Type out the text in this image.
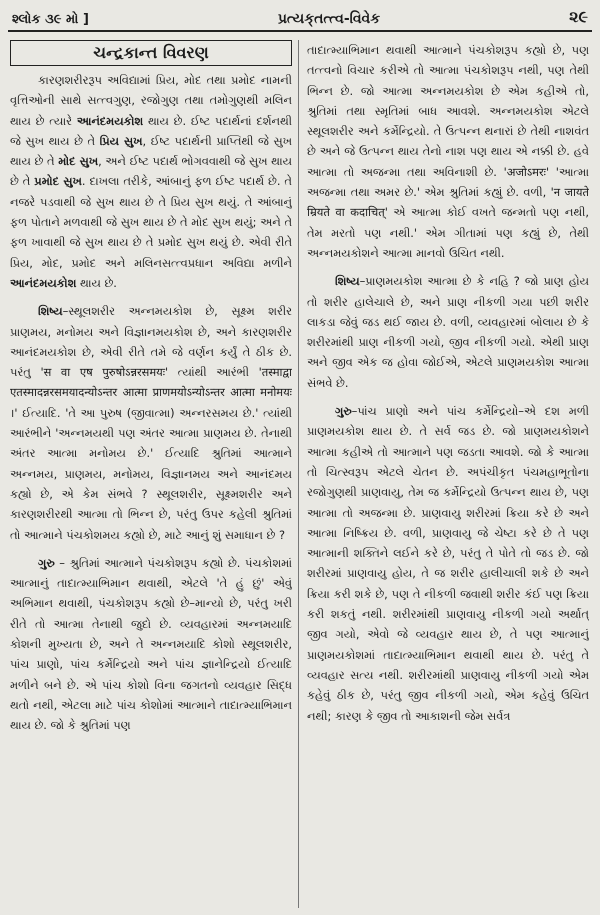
શ્લોક ૩૯ મો ]	પ્રત્યક્‌તત્ત્વ-વિવેક	૨૯
ચન્દ્રકાન્ત વિવરણ

કારણશરીરરૂપ અવિદ્યામાં પ્રિય, મોદ તથા પ્રમોદ નામની વૃત્તિઓની સાથે સત્ત્વગુણ, રજોગુણ તથા તમોગુણથી મલિન થાય છે ત્યારે આનંદમયકોશ થાય છે. ઈષ્ટ પદાર્થનાં દર્શનથી જે સુખ થાય છે તે પ્રિય સુખ, ઈષ્ટ પદાર્થની પ્રાપ્તિથી જે સુખ થાય છે તે મોદ સુખ, અને ઈષ્ટ પદાર્થ ભોગવવાથી જે સુખ થાય છે તે પ્રમોદ સુખ. દાખલા તરીકે, આંબાનું ફળ ઈષ્ટ પદાર્થ છે. તે નજરે પડવાથી જે સુખ થાય છે તે પ્રિય સુખ થયું. તે આંબાનું ફળ પોતાને મળવાથી જે સુખ થાય છે તે મોદ સુખ થયું; અને તે ફળ ખાવાથી જે સુખ થાય છે તે પ્રમોદ સુખ થયું છે. એવી રીતે પ્રિય, મોદ, પ્રમોદ અને મલિનસત્ત્વપ્રધાન અવિદ્યા મળીને આનંદમયકોશ થાય છે.

શિષ્ય–સ્થૂલશરીર અન્નમયકોશ છે, સૂક્ષ્મ શરીર પ્રાણમય, મનોમય અને વિજ્ઞાનમયકોશ છે, અને કારણશરીર આનંદમયકોશ છે, એવી રીતે તમે જે વર્ણન કર્યું તે ઠીક છે. પરંતુ 'स वा एष पुरुषोऽन्नरसमयः' ત્યાંથી આરંભી 'तस्माद्वा एतस्मादन्नरसमयादन्योऽन्तर आत्मा प्राणमयोऽन्योऽन्तर आत्मा मनोमयः ।' ઈત્યાદિ. 'તે આ પુરુષ (જીવાત્મા) અન્નરસમય છે.' ત્યાંથી આરંભીને 'અન્નમયથી પણ અંતર આત્મા પ્રાણમય છે. તેનાથી અંતર આત્મા મનોમય છે.' ઈત્યાદિ શ્રુતિમાં આત્માને અન્નમય, પ્રાણમય, મનોમય, વિજ્ઞાનમય અને આનંદમય કહ્યો છે, એ કેમ સંભવે ? સ્થૂલશરીર, સૂક્ષ્મશરીર અને કારણશરીરથી આત્મા તો ભિન્ન છે, પરંતુ ઉપર કહેલી શ્રુતિમાં તો આત્માને પંચકોશમય કહ્યો છે, માટે આનું શું સમાધાન છે ?

ગુરુ – શ્રુતિમાં આત્માને પંચકોશરૂપ કહ્યો છે. પંચકોશમાં આત્માનું તાદાત્મ્યાભિમાન થવાથી, એટલે 'તે હું છું' એવું અભિમાન થવાથી, પંચકોશરૂપ કહ્યો છે–માન્યો છે, પરંતુ ખરી રીતે તો આત્મા તેનાથી જુદો છે. વ્યવહારમાં અન્નમયાદિ કોશની મુખ્યતા છે, અને તે અન્નમયાદિ કોશો સ્થૂલશરીર, પાંચ પ્રાણો, પાંચ કર્મેન્દ્રિયો અને પાંચ જ્ઞાનેન્દ્રિયો ઈત્યાદિ મળીને બને છે. એ પાંચ કોશો વિના જગતનો વ્યવહાર સિદ્ધ થતો નથી, એટલા માટે પાંચ કોશોમાં આત્માને તાદાત્મ્યાભિમાન થાય છે. જો કે શ્રુતિમાં પણ

તાદાત્મ્યાભિમાન થવાથી આત્માને પંચકોશરૂપ કહ્યો છે, પણ તત્ત્વનો વિચાર કરીએ તો આત્મા પંચકોશરૂપ નથી, પણ તેથી ભિન્ન છે. જો આત્મા અન્નમયકોશ છે એમ કહીએ તો, શ્રુતિમાં તથા સ્મૃતિમાં બાધ આવશે. અન્નમયકોશ એટલે સ્થૂલશરીર અને કર્મેન્દ્રિયો. તે ઉત્પન્ન થનારાં છે તેથી નાશવંત છે અને જે ઉત્પન્ન થાય તેનો નાશ પણ થાય એ નક્કી છે. હવે આત્મા તો અજન્મા તથા અવિનાશી છે. 'अजोऽमरः' 'આત્મા અજન્મા તથા અમર છે.' એમ શ્રુતિમાં કહ્યું છે. વળી, 'न जायते म्रियते वा कदाचित्' એ આત્મા કોઈ વખતે જન્મતો પણ નથી, તેમ મરતો પણ નથી.' એમ ગીતામાં પણ કહ્યું છે, તેથી અન્નમયકોશને આત્મા માનવો ઉચિત નથી.

શિષ્ય–પ્રાણમયકોશ આત્મા છે કે નહિ ? જો પ્રાણ હોય તો શરીર હાલેચાલે છે, અને પ્રાણ નીકળી ગયા પછી શરીર લાકડા જેવું જડ થઈ જાય છે. વળી, વ્યવહારમાં બોલાય છે કે શરીરમાંથી પ્રાણ નીકળી ગયો, જીવ નીકળી ગયો. એથી પ્રાણ અને જીવ એક જ હોવા જોઈએ, એટલે પ્રાણમયકોશ આત્મા સંભવે છે.

ગુરુ–પાંચ પ્રાણો અને પાંચ કર્મેન્દ્રિયો–એ દશ મળી પ્રાણમયકોશ થાય છે. તે સર્વ જડ છે. જો પ્રાણમયકોશને આત્મા કહીએ તો આત્માને પણ જડતા આવશે. જો કે આત્મા તો ચિત્સ્વરૂપ એટલે ચેતન છે. અપંચીકૃત પંચમહાભૂતોના રજોગુણથી પ્રાણવાયુ, તેમ જ કર્મેન્દ્રિયો ઉત્પન્ન થાય છે, પણ આત્મા તો અજન્મા છે. પ્રાણવાયુ શરીરમાં ક્રિયા કરે છે અને આત્મા નિષ્ક્રિય છે. વળી, પ્રાણવાયુ જે ચેષ્ટા કરે છે તે પણ આત્માની શક્તિને લઈને કરે છે, પરંતુ તે પોતે તો જડ છે. જો શરીરમાં પ્રાણવાયુ હોય, તે જ શરીર હાલીચાલી શકે છે અને ક્રિયા કરી શકે છે, પણ તે નીકળી જવાથી શરીર કંઈ પણ ક્રિયા કરી શકતું નથી. શરીરમાંથી પ્રાણવાયુ નીકળી ગયો અર્થાત્ જીવ ગયો, એવો જે વ્યવહાર થાય છે, તે પણ આત્માનું પ્રાણમયકોશમાં તાદાત્મ્યાભિમાન થવાથી થાય છે. પરંતુ તે વ્યવહાર સત્ય નથી. શરીરમાંથી પ્રાણવાયુ નીકળી ગયો એમ કહેવું ઠીક છે, પરંતુ જીવ નીકળી ગયો, એમ કહેવું ઉચિત નથી; કારણ કે જીવ તો આકાશની જેમ સર્વત્ર
